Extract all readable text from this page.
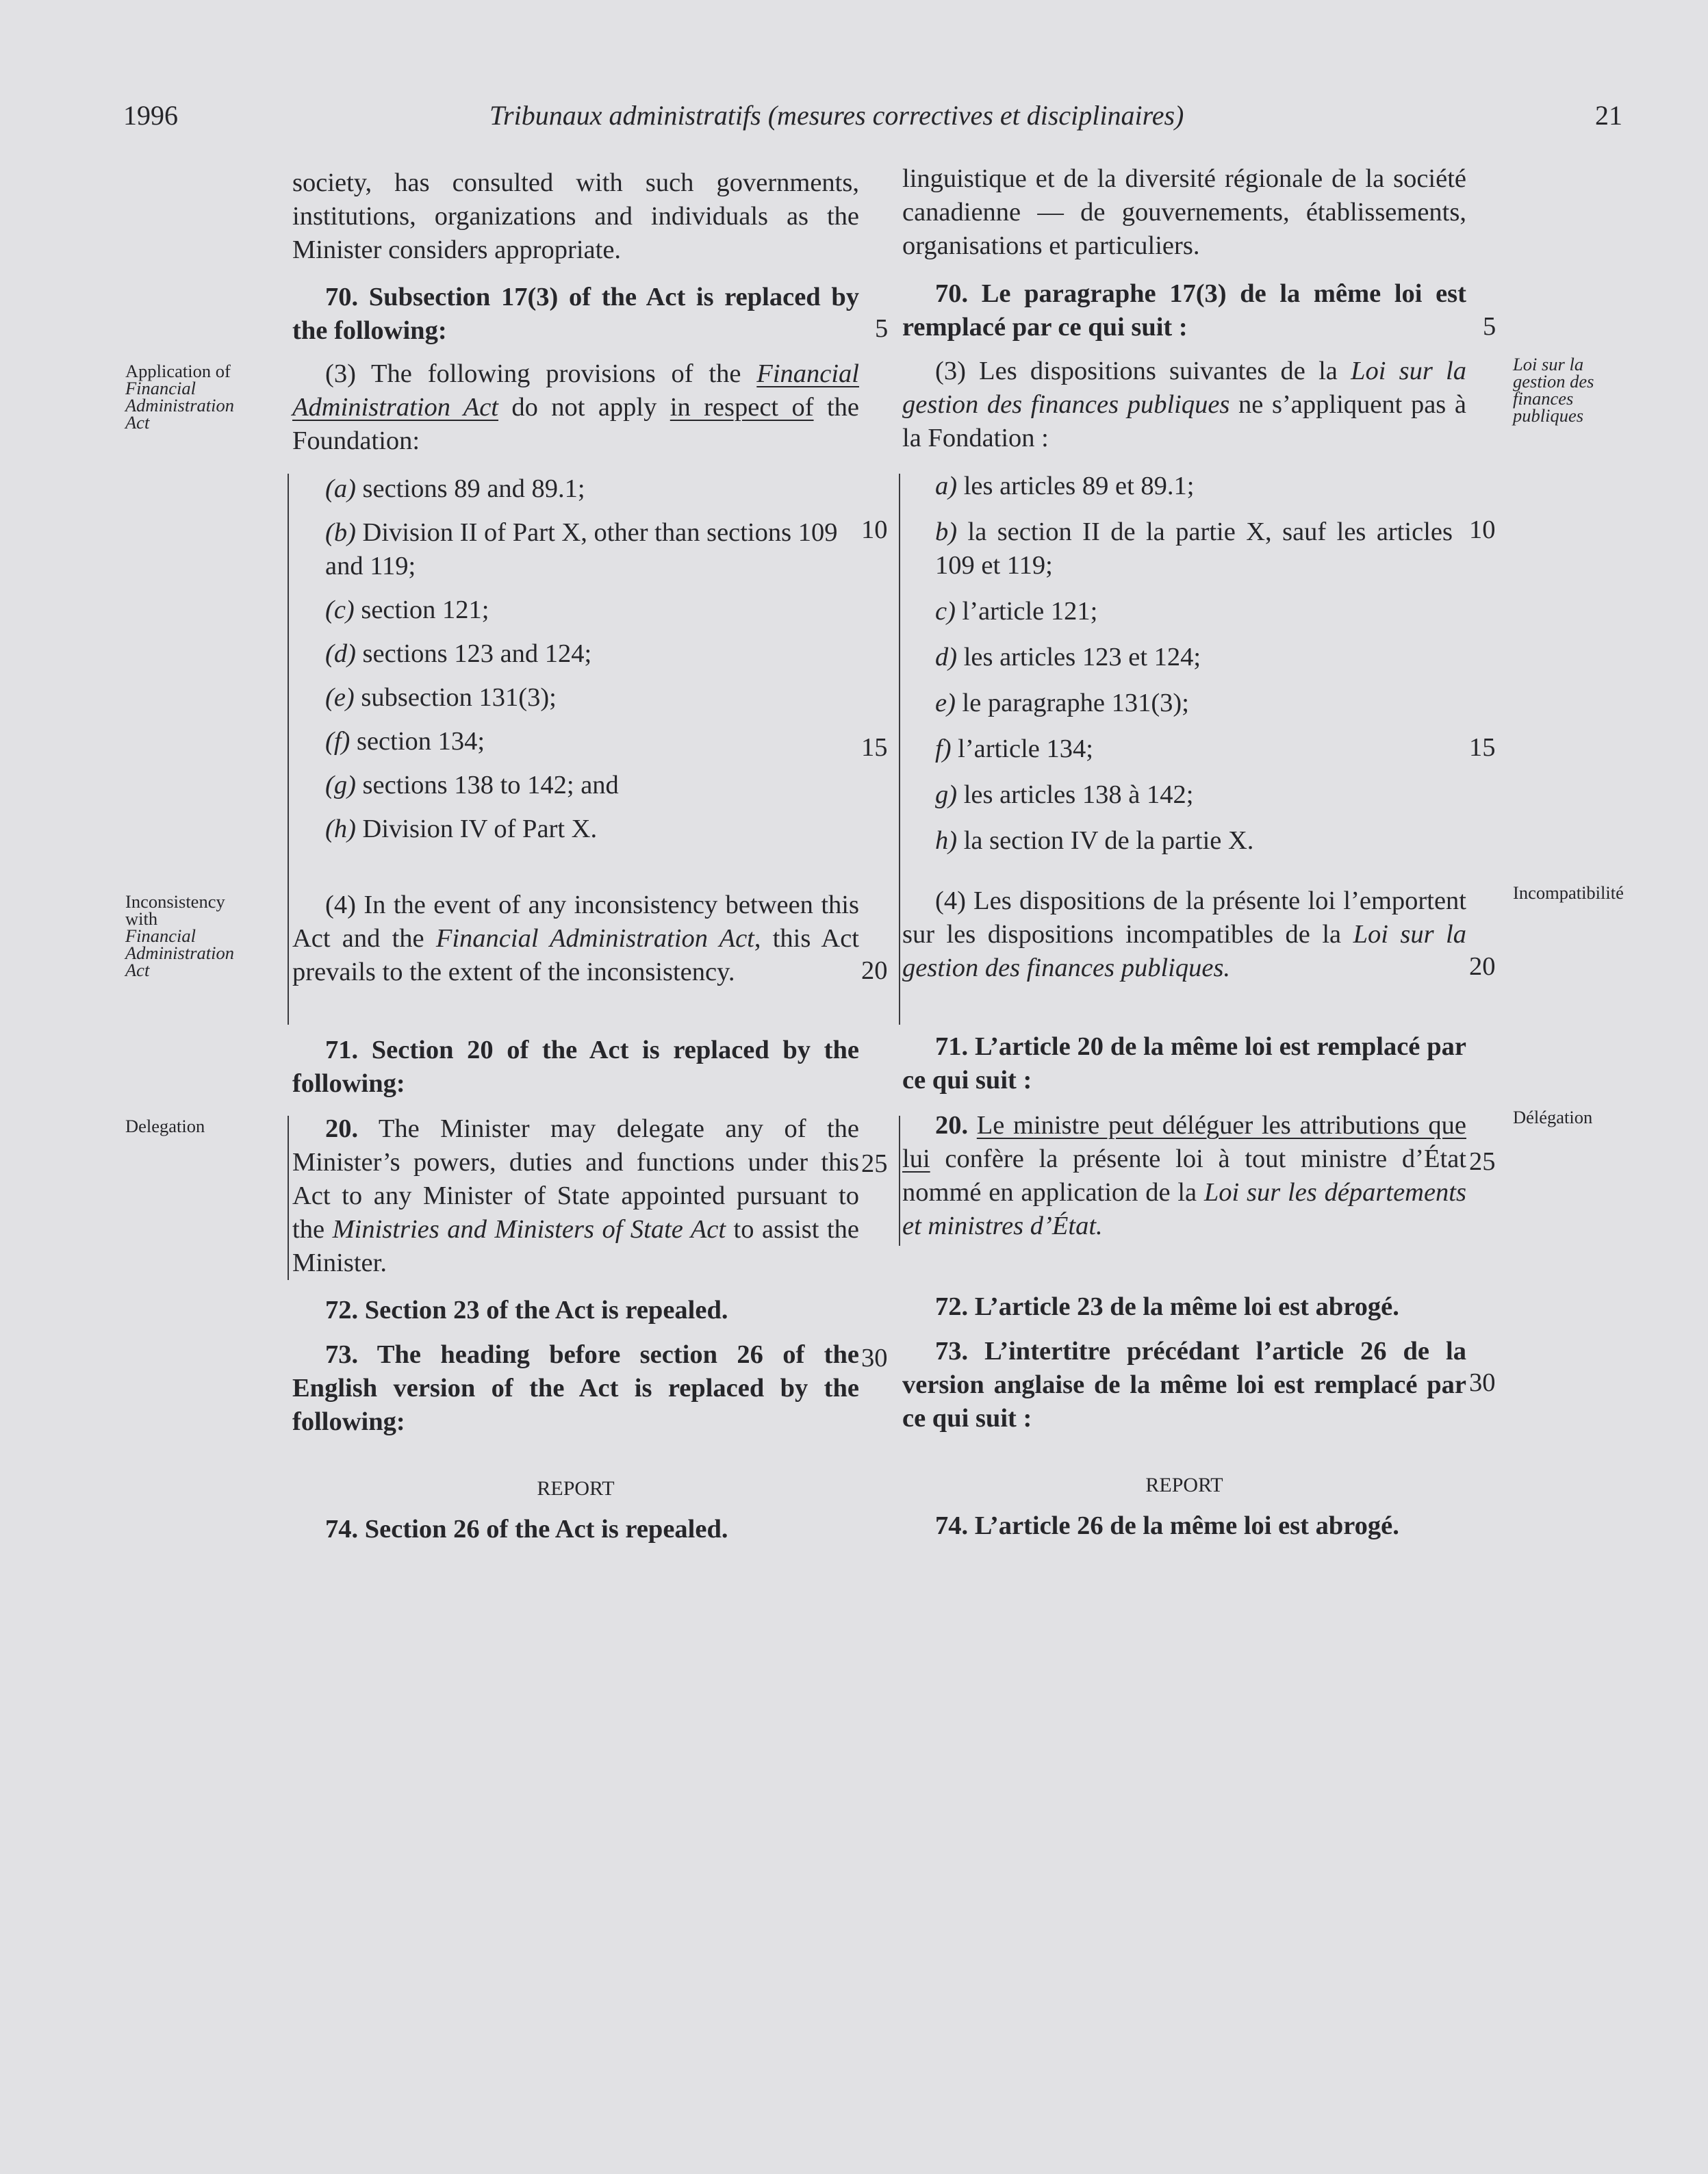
1996	Tribunaux administratifs (mesures correctives et disciplinaires)	21
Application of
Financial Administration Act
Inconsistency with
Financial Administration Act
Delegation
Loi sur la gestion des finances publiques
Incompatibilité
Délégation
5
10
15
20
25
30
5
10
15
20
25
30

society, has consulted with such governments, institutions, organizations and individuals as the Minister considers appropriate.

70. Subsection 17(3) of the Act is replaced by the following:

(3) The following provisions of the Financial Administration Act do not apply in respect of the Foundation:

(a) sections 89 and 89.1;

(b) Division II of Part X, other than sections 109 and 119;

(c) section 121;

(d) sections 123 and 124;

(e) subsection 131(3);

(f) section 134;

(g) sections 138 to 142; and

(h) Division IV of Part X.

(4) In the event of any inconsistency between this Act and the Financial Administration Act, this Act prevails to the extent of the inconsistency.

71. Section 20 of the Act is replaced by the following:

20. The Minister may delegate any of the Minister’s powers, duties and functions under this Act to any Minister of State appointed pursuant to the Ministries and Ministers of State Act to assist the Minister.

72. Section 23 of the Act is repealed.

73. The heading before section 26 of the English version of the Act is replaced by the following:

REPORT

74. Section 26 of the Act is repealed.

linguistique et de la diversité régionale de la société canadienne — de gouvernements, établissements, organisations et particuliers.

70. Le paragraphe 17(3) de la même loi est remplacé par ce qui suit :

(3) Les dispositions suivantes de la Loi sur la gestion des finances publiques ne s’appliquent pas à la Fondation :

a) les articles 89 et 89.1;

b) la section II de la partie X, sauf les articles 109 et 119;

c) l’article 121;

d) les articles 123 et 124;

e) le paragraphe 131(3);

f) l’article 134;

g) les articles 138 à 142;

h) la section IV de la partie X.

(4) Les dispositions de la présente loi l’emportent sur les dispositions incompatibles de la Loi sur la gestion des finances publiques.

71. L’article 20 de la même loi est remplacé par ce qui suit :

20. Le ministre peut déléguer les attributions que lui confère la présente loi à tout ministre d’État nommé en application de la Loi sur les départements et ministres d’État.

72. L’article 23 de la même loi est abrogé.

73. L’intertitre précédant l’article 26 de la version anglaise de la même loi est remplacé par ce qui suit :

REPORT

74. L’article 26 de la même loi est abrogé.
